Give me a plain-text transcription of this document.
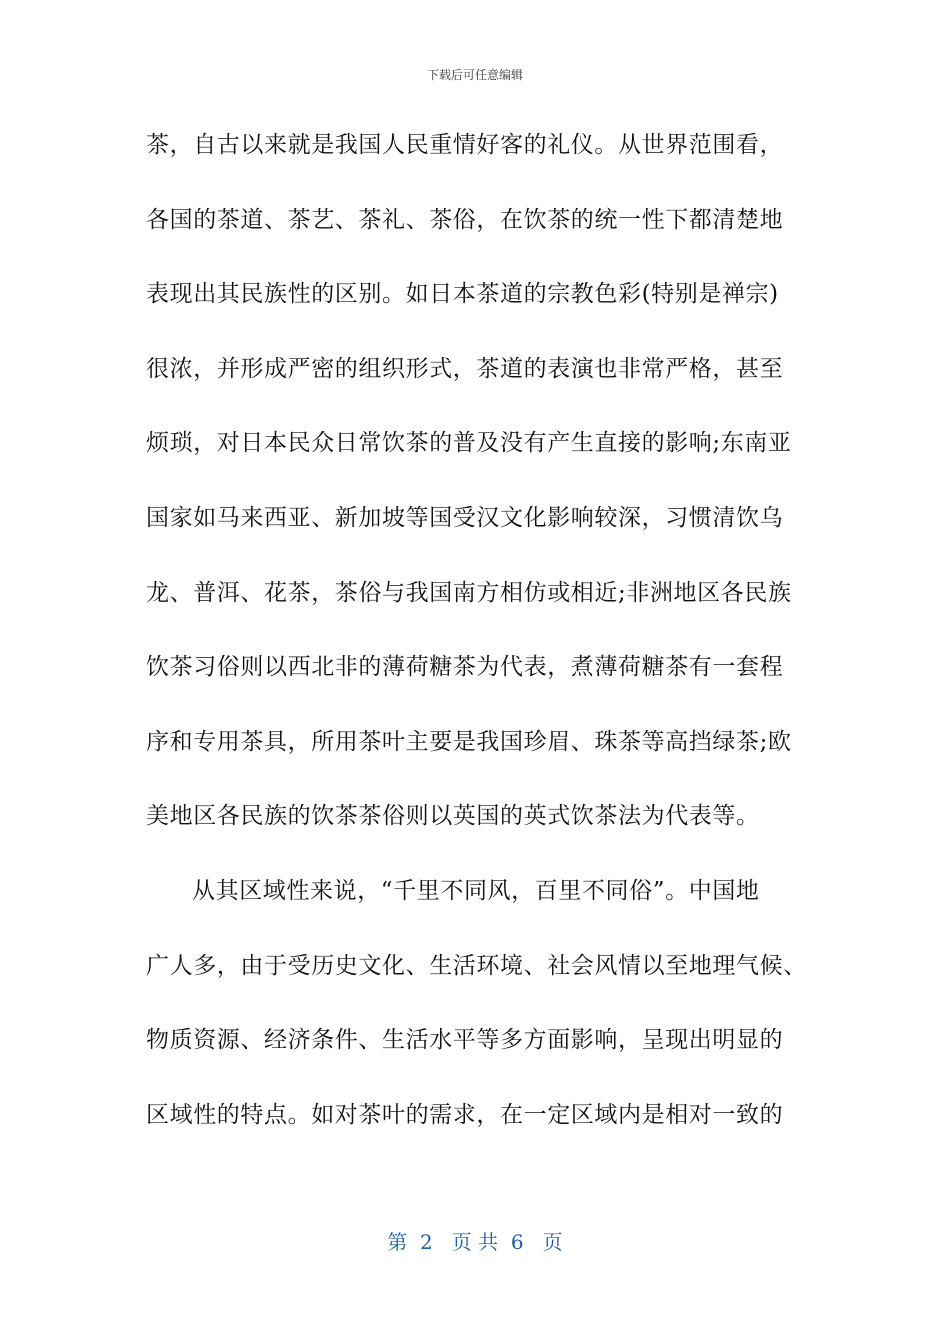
下载后可任意编辑
茶，自古以来就是我国人民重情好客的礼仪。从世界范围看，
各国的茶道、茶艺、茶礼、茶俗，在饮茶的统一性下都清楚地
表现出其民族性的区别。如日本茶道的宗教色彩(特别是禅宗)
很浓，并形成严密的组织形式，茶道的表演也非常严格，甚至
烦琐，对日本民众日常饮茶的普及没有产生直接的影响;东南亚
国家如马来西亚、新加坡等国受汉文化影响较深，习惯清饮乌
龙、普洱、花茶，茶俗与我国南方相仿或相近;非洲地区各民族
饮茶习俗则以西北非的薄荷糖茶为代表，煮薄荷糖茶有一套程
序和专用茶具，所用茶叶主要是我国珍眉、珠茶等高挡绿茶;欧
美地区各民族的饮茶茶俗则以英国的英式饮茶法为代表等。
从其区域性来说，“千里不同风，百里不同俗”。中国地
广人多，由于受历史文化、生活环境、社会风情以至地理气候、
物质资源、经济条件、生活水平等多方面影响，呈现出明显的
区域性的特点。如对茶叶的需求，在一定区域内是相对一致的
第  2   页 共  6   页
